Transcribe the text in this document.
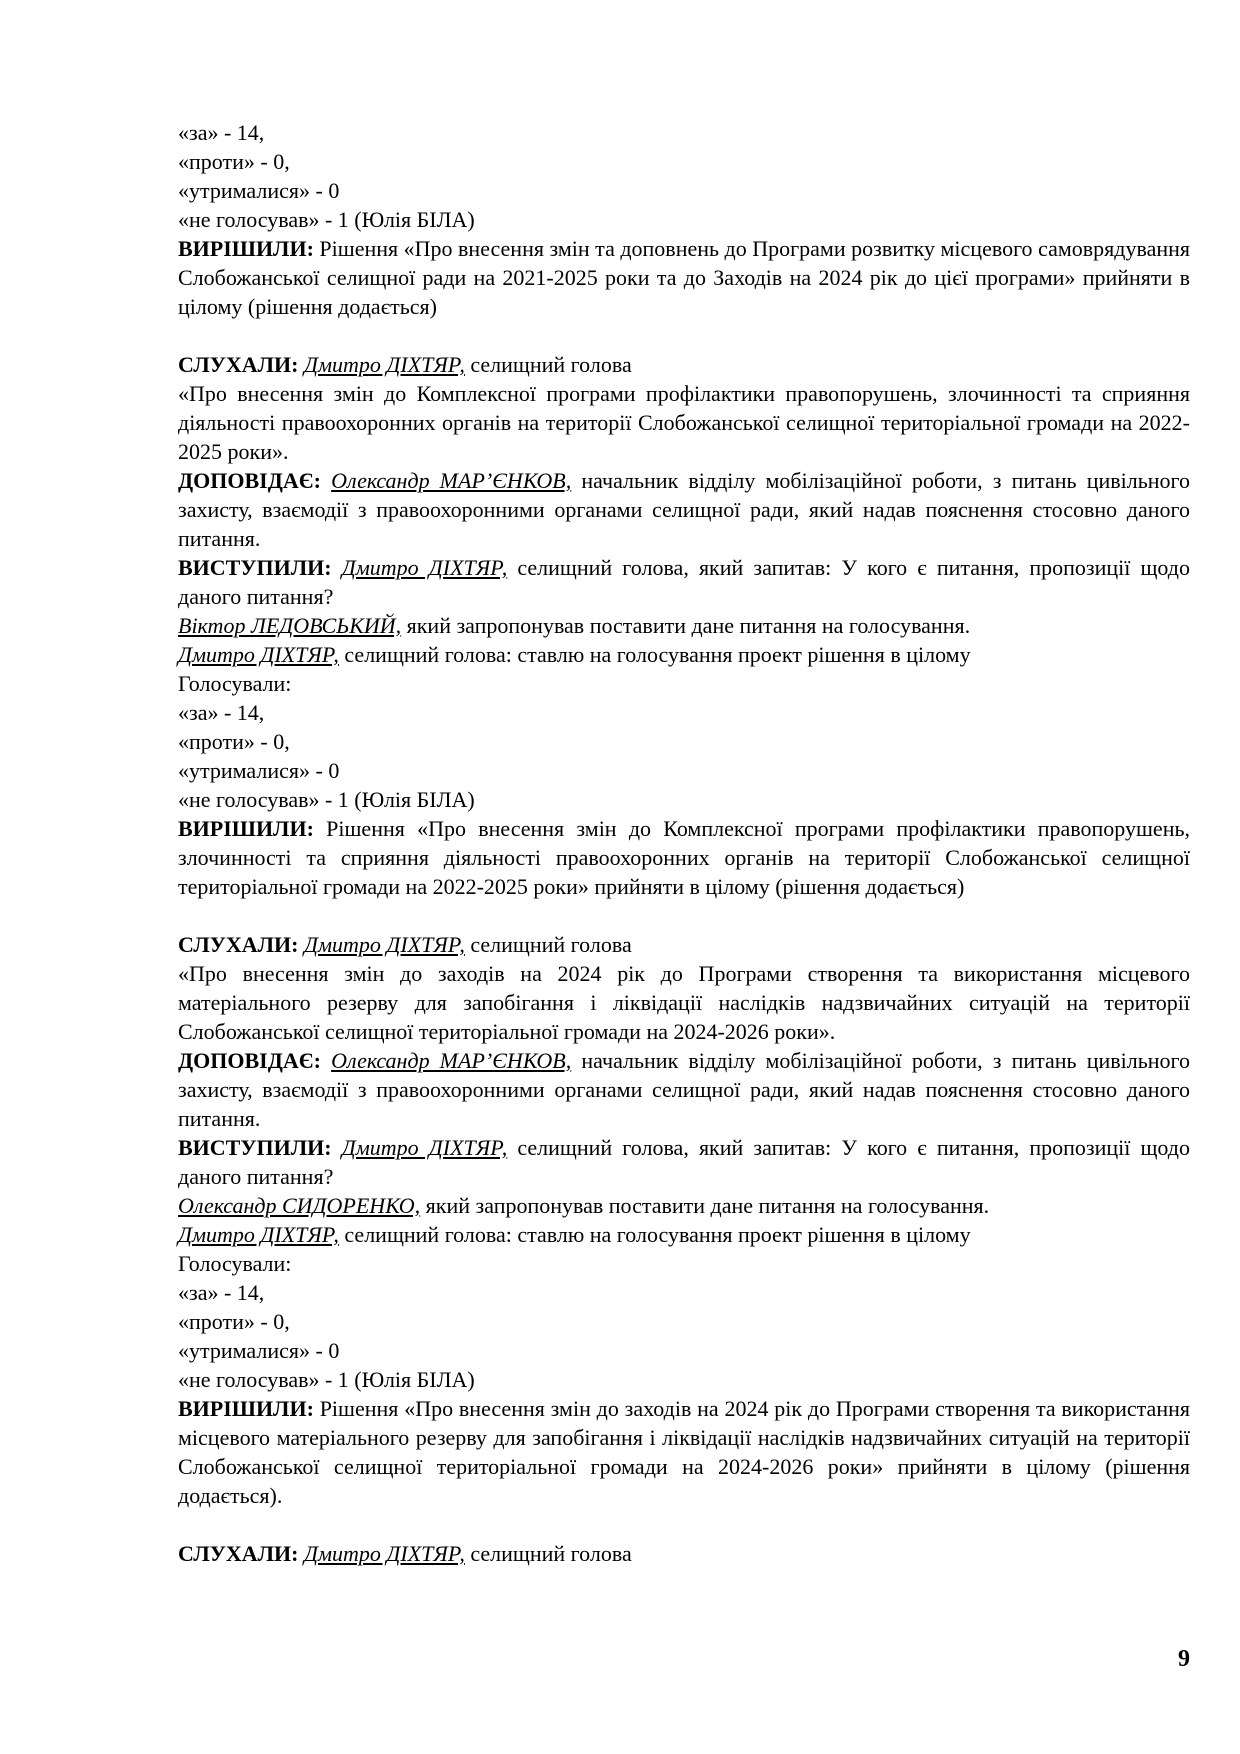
«за» - 14,

«проти» - 0,

«утрималися» - 0

«не голосував» - 1 (Юлія БІЛА)

ВИРІШИЛИ: Рішення «Про внесення змін та доповнень до Програми розвитку місцевого самоврядування Слобожанської селищної ради на 2021-2025 роки та до Заходів на 2024 рік до цієї програми» прийняти в цілому (рішення додається)

СЛУХАЛИ: Дмитро ДІХТЯР, селищний голова

«Про внесення змін до Комплексної програми профілактики правопорушень, злочинності та сприяння діяльності правоохоронних органів на території Слобожанської селищної територіальної громади на 2022-2025 роки».

ДОПОВІДАЄ: Олександр МАР’ЄНКОВ, начальник відділу мобілізаційної роботи, з питань цивільного захисту, взаємодії з правоохоронними органами селищної ради, який надав пояснення стосовно даного питання.

ВИСТУПИЛИ: Дмитро ДІХТЯР, селищний голова, який запитав: У кого є питання, пропозиції щодо даного питання?

Віктор ЛЕДОВСЬКИЙ, який запропонував поставити дане питання на голосування.

Дмитро ДІХТЯР, селищний голова: ставлю на голосування проект рішення в цілому

Голосували:

«за» - 14,

«проти» - 0,

«утрималися» - 0

«не голосував» - 1 (Юлія БІЛА)

ВИРІШИЛИ: Рішення «Про внесення змін до Комплексної програми профілактики правопорушень, злочинності та сприяння діяльності правоохоронних органів на території Слобожанської селищної територіальної громади на 2022-2025 роки» прийняти в цілому (рішення додається)

СЛУХАЛИ: Дмитро ДІХТЯР, селищний голова

«Про внесення змін до заходів на 2024 рік до Програми створення та використання місцевого матеріального резерву для запобігання і ліквідації наслідків надзвичайних ситуацій на території Слобожанської селищної територіальної громади на 2024-2026 роки».

ДОПОВІДАЄ: Олександр МАР’ЄНКОВ, начальник відділу мобілізаційної роботи, з питань цивільного захисту, взаємодії з правоохоронними органами селищної ради, який надав пояснення стосовно даного питання.

ВИСТУПИЛИ: Дмитро ДІХТЯР, селищний голова, який запитав: У кого є питання, пропозиції щодо даного питання?

Олександр СИДОРЕНКО, який запропонував поставити дане питання на голосування.

Дмитро ДІХТЯР, селищний голова: ставлю на голосування проект рішення в цілому

Голосували:

«за» - 14,

«проти» - 0,

«утрималися» - 0

«не голосував» - 1 (Юлія БІЛА)

ВИРІШИЛИ: Рішення «Про внесення змін до заходів на 2024 рік до Програми створення та використання місцевого матеріального резерву для запобігання і ліквідації наслідків надзвичайних ситуацій на території Слобожанської селищної територіальної громади на 2024-2026 роки» прийняти в цілому (рішення додається).

СЛУХАЛИ: Дмитро ДІХТЯР, селищний голова

9
